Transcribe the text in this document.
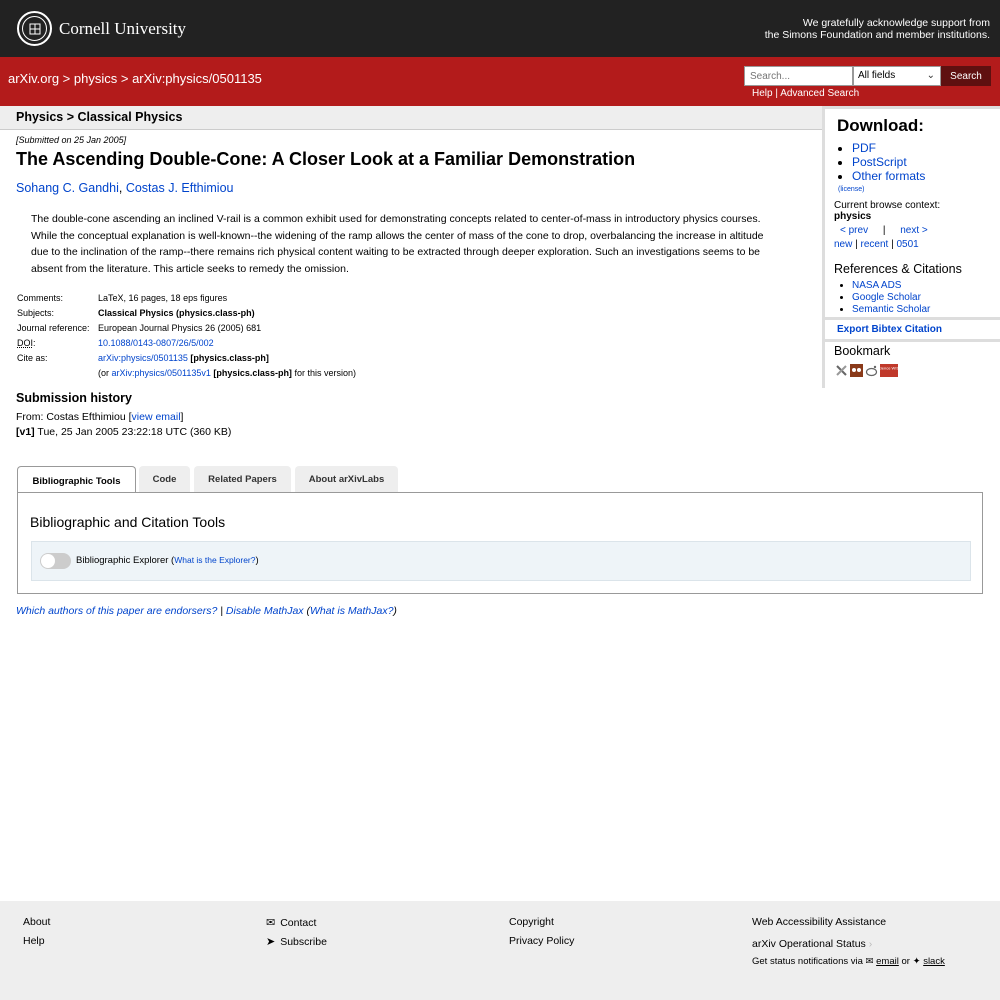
Cornell University	We gratefully acknowledge support from
the Simons Foundation and member institutions.
arXiv.org > physics > arXiv:physics/0501135
Search...	All fields	⌄	Search
Help | Advanced Search
Physics > Classical Physics
[Submitted on 25 Jan 2005]
The Ascending Double-Cone: A Closer Look at a Familiar Demonstration
Sohang C. Gandhi, Costas J. Efthimiou
The double-cone ascending an inclined V-rail is a common exhibit used for demonstrating concepts related to center-of-mass in introductory physics courses. While the conceptual explanation is well-known--the widening of the ramp allows the center of mass of the cone to drop, overbalancing the increase in altitude due to the inclination of the ramp--there remains rich physical content waiting to be extracted through deeper exploration. Such an investigations seems to be absent from the literature. This article seeks to remedy the omission.
Comments:	LaTeX, 16 pages, 18 eps figures
Subjects:	Classical Physics (physics.class-ph)
Journal reference:	European Journal Physics 26 (2005) 681
DOI:	10.1088/0143-0807/26/5/002
Cite as:	arXiv:physics/0501135 [physics.class-ph]
	(or arXiv:physics/0501135v1 [physics.class-ph] for this version)
Submission history
From: Costas Efthimiou [view email]
[v1] Tue, 25 Jan 2005 23:22:18 UTC (360 KB)
Download:
• PDF
• PostScript
• Other formats
(license)
Current browse context:
physics
< prev | next >
new | recent | 0501
References & Citations
• NASA ADS
• Google Scholar
• Semantic Scholar
Export Bibtex Citation
Bookmark
Science WISE
Bibliographic Tools	Code	Related Papers	About arXivLabs
Bibliographic and Citation Tools
Bibliographic Explorer (What is the Explorer?)
Which authors of this paper are endorsers? | Disable MathJax (What is MathJax?)
About
Help
✉ Contact
➤ Subscribe
Copyright
Privacy Policy
Web Accessibility Assistance
arXiv Operational Status ›
Get status notifications via ✉ email or ✦ slack
